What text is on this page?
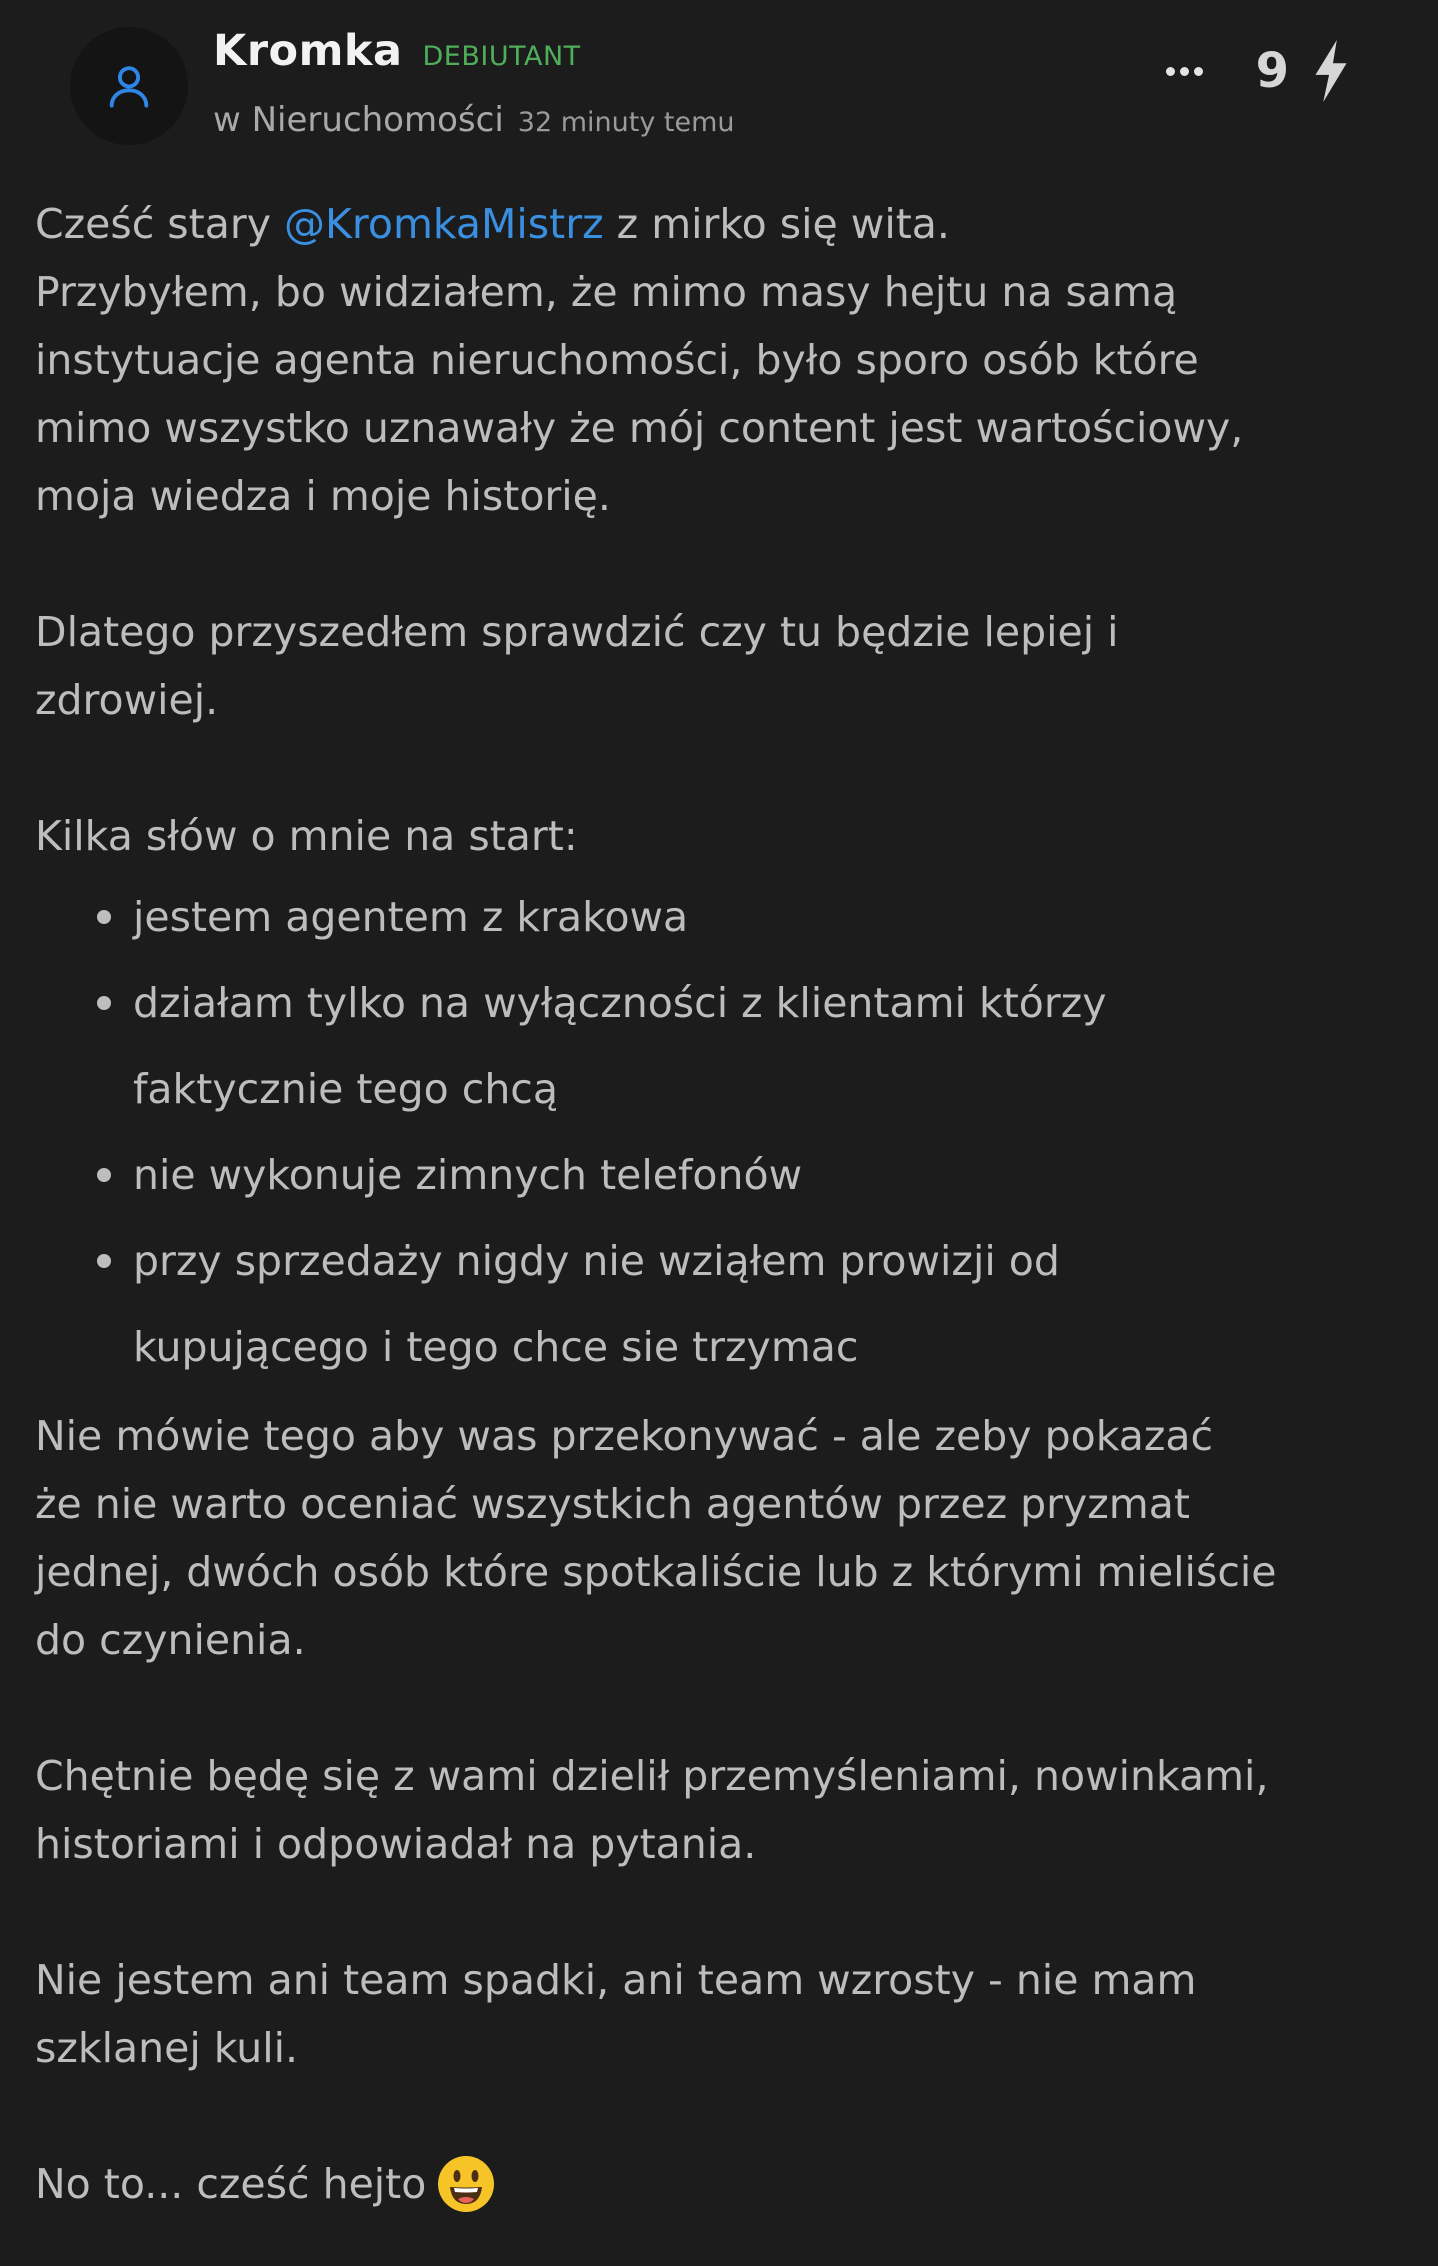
Kromka DEBIUTANT
w Nieruchomości 32 minuty temu
9

Cześć stary @KromkaMistrz z mirko się wita.
Przybyłem, bo widziałem, że mimo masy hejtu na samą
instytuacje agenta nieruchomości, było sporo osób które
mimo wszystko uznawały że mój content jest wartościowy,
moja wiedza i moje historię.

Dlatego przyszedłem sprawdzić czy tu będzie lepiej i
zdrowiej.

Kilka słów o mnie na start:

jestem agentem z krakowa
działam tylko na wyłączności z klientami którzy
faktycznie tego chcą
nie wykonuje zimnych telefonów
przy sprzedaży nigdy nie wziąłem prowizji od
kupującego i tego chce sie trzymac

Nie mówie tego aby was przekonywać - ale zeby pokazać
że nie warto oceniać wszystkich agentów przez pryzmat
jednej, dwóch osób które spotkaliście lub z którymi mieliście
do czynienia.

Chętnie będę się z wami dzielił przemyśleniami, nowinkami,
historiami i odpowiadał na pytania.

Nie jestem ani team spadki, ani team wzrosty - nie mam
szklanej kuli.

No to... cześć hejto
